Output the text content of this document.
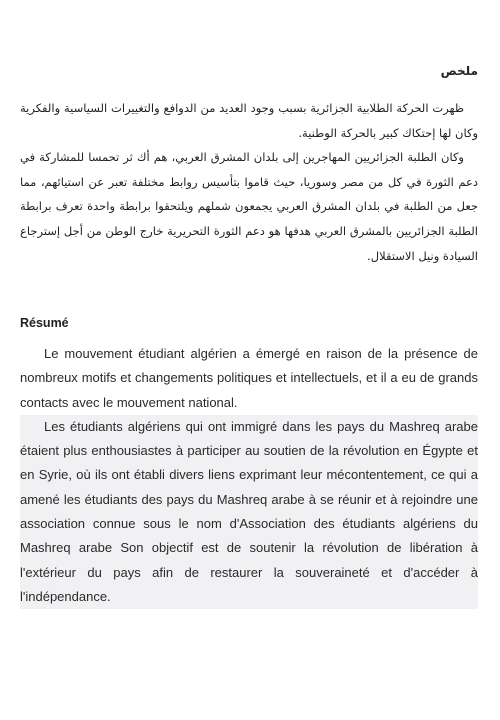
ملخص

ظهرت الحركة الطلابية الجزائرية بسبب وجود العديد من الدوافع والتغييرات السياسية والفكرية وكان لها إحتكاك كبير بالحركة الوطنية.

وكان الطلبة الجزائريين المهاجرين إلى بلدان المشرق العربي، هم أك ثر تحمسا للمشاركة في دعم الثورة في كل من مصر وسوريا، حيث قاموا بتأسيس روابط مختلفة تعبر عن استيائهم، مما جعل من الطلبة في بلدان المشرق العربي يجمعون شملهم ويلتحقوا برابطة واحدة تعرف برابطة الطلبة الجزائريين بالمشرق العربي هدفها هو دعم الثورة التحريرية خارج الوطن من أجل إسترجاع السيادة ونيل الاستقلال.

Résumé

Le mouvement étudiant algérien a émergé en raison de la présence de nombreux motifs et changements politiques et intellectuels, et il a eu de grands contacts avec le mouvement national.

Les étudiants algériens qui ont immigré dans les pays du Mashreq arabe étaient plus enthousiastes à participer au soutien de la révolution en Égypte et en Syrie, où ils ont établi divers liens exprimant leur mécontentement, ce qui a amené les étudiants des pays du Mashreq arabe à se réunir et à rejoindre une association connue sous le nom d'Association des étudiants algériens du Mashreq arabe Son objectif est de soutenir la révolution de libération à l'extérieur du pays afin de restaurer la souveraineté et d'accéder à l'indépendance.
